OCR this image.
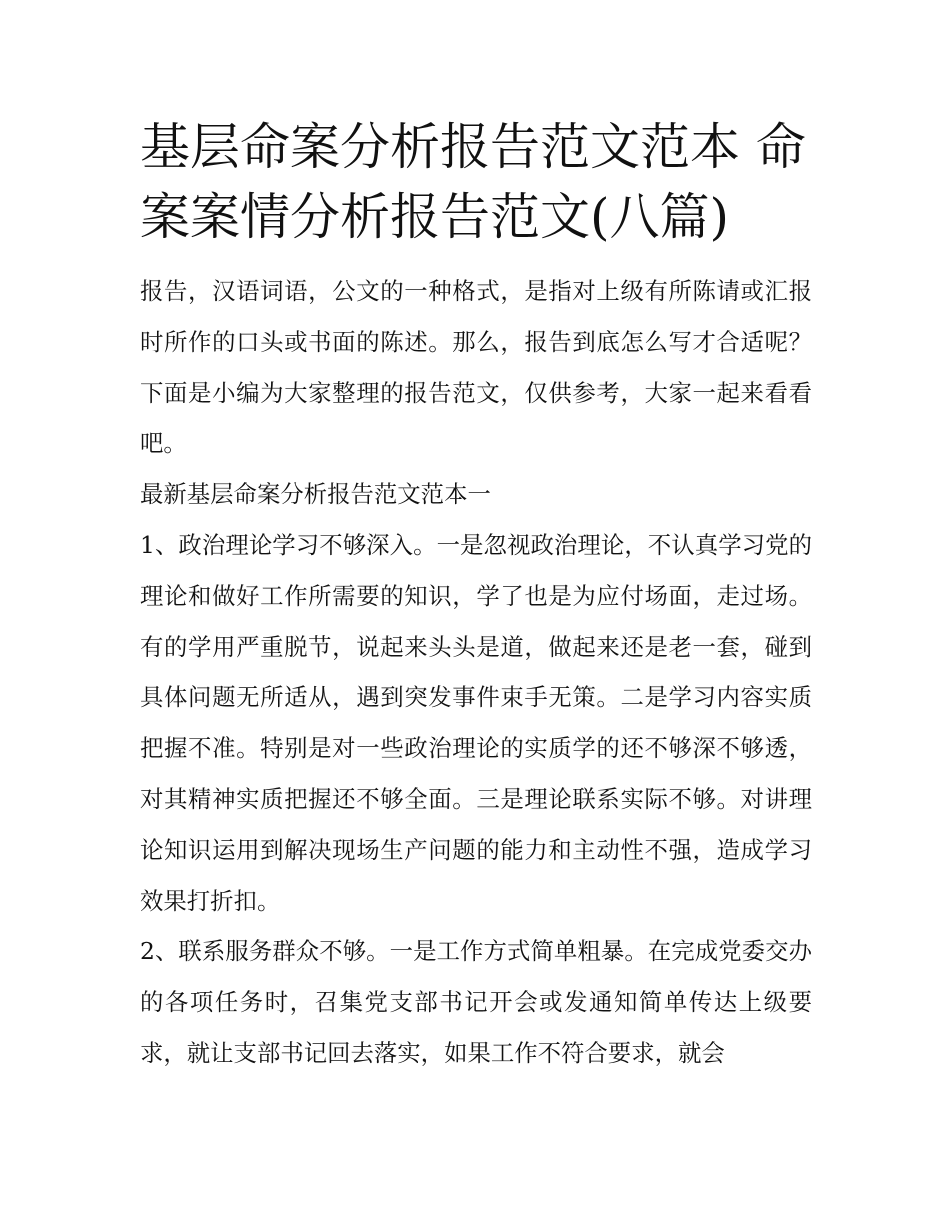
基层命案分析报告范文范本 命案案情分析报告范文(八篇)

报告，汉语词语，公文的一种格式，是指对上级有所陈请或汇报时所作的口头或书面的陈述。那么，报告到底怎么写才合适呢？下面是小编为大家整理的报告范文，仅供参考，大家一起来看看吧。

最新基层命案分析报告范文范本一

1、政治理论学习不够深入。一是忽视政治理论，不认真学习党的理论和做好工作所需要的知识，学了也是为应付场面，走过场。有的学用严重脱节，说起来头头是道，做起来还是老一套，碰到具体问题无所适从，遇到突发事件束手无策。二是学习内容实质把握不准。特别是对一些政治理论的实质学的还不够深不够透，对其精神实质把握还不够全面。三是理论联系实际不够。对讲理论知识运用到解决现场生产问题的能力和主动性不强，造成学习效果打折扣。

2、联系服务群众不够。一是工作方式简单粗暴。在完成党委交办的各项任务时，召集党支部书记开会或发通知简单传达上级要求，就让支部书记回去落实，如果工作不符合要求，就会
